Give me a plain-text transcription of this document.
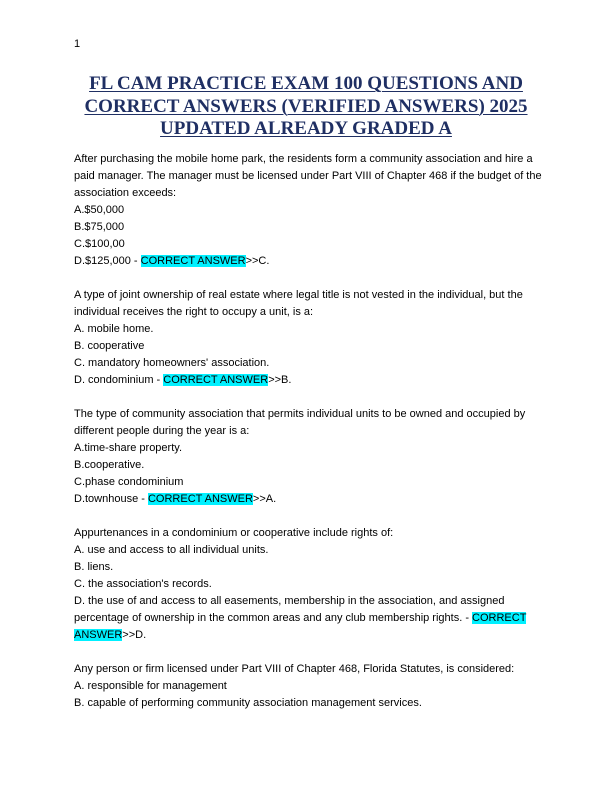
1
FL CAM PRACTICE EXAM 100 QUESTIONS AND
CORRECT ANSWERS (VERIFIED ANSWERS) 2025
UPDATED ALREADY GRADED A
After purchasing the mobile home park, the residents form a community association and hire a
paid manager. The manager must be licensed under Part VIII of Chapter 468 if the budget of the
association exceeds:
A.$50,000
B.$75,000
C.$100,00
D.$125,000 - CORRECT ANSWER>>C.
A type of joint ownership of real estate where legal title is not vested in the individual, but the
individual receives the right to occupy a unit, is a:
A. mobile home.
B. cooperative
C. mandatory homeowners' association.
D. condominium - CORRECT ANSWER>>B.
The type of community association that permits individual units to be owned and occupied by
different people during the year is a:
A.time-share property.
B.cooperative.
C.phase condominium
D.townhouse - CORRECT ANSWER>>A.
Appurtenances in a condominium or cooperative include rights of:
A. use and access to all individual units.
B. liens.
C. the association's records.
D. the use of and access to all easements, membership in the association, and assigned
percentage of ownership in the common areas and any club membership rights. - CORRECT
ANSWER>>D.
Any person or firm licensed under Part VIII of Chapter 468, Florida Statutes, is considered:
A. responsible for management
B. capable of performing community association management services.
